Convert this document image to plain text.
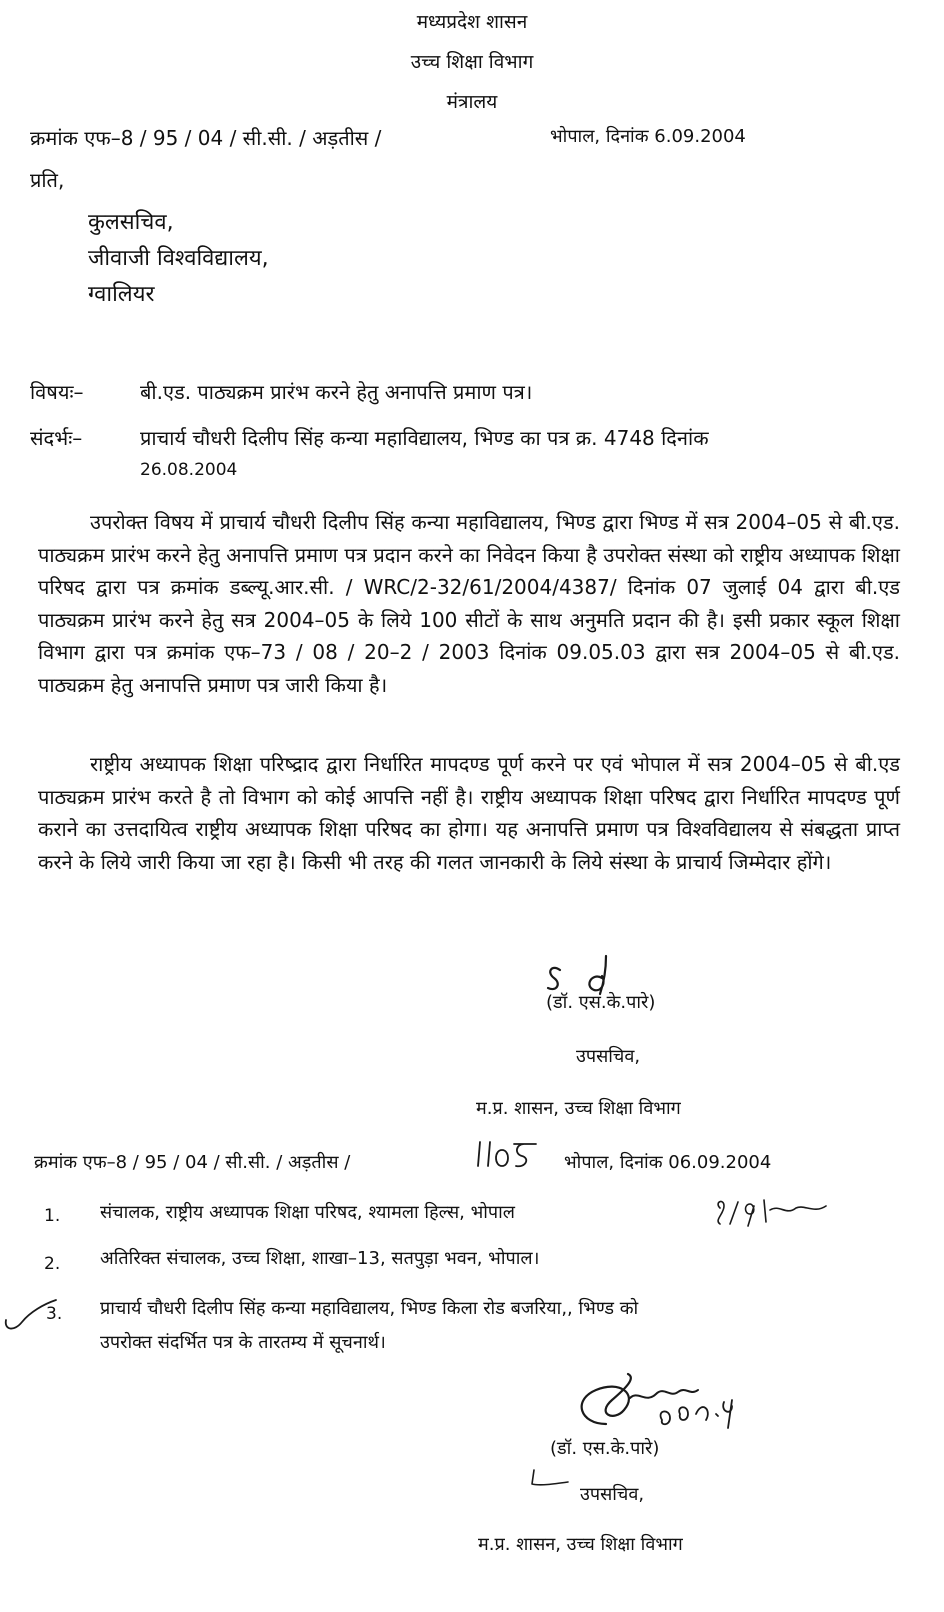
मध्यप्रदेश शासन
उच्च शिक्षा विभाग
मंत्रालय
क्रमांक एफ–8 / 95 / 04 / सी.सी. / अड़तीस /	भोपाल, दिनांक 6.09.2004
प्रति,
कुलसचिव,
जीवाजी विश्वविद्यालय,
ग्वालियर
विषयः–	बी.एड. पाठ्यक्रम प्रारंभ करने हेतु अनापत्ति प्रमाण पत्र।
संदर्भः–	प्राचार्य चौधरी दिलीप सिंह कन्या महाविद्यालय, भिण्ड का पत्र क्र. 4748 दिनांक
26.08.2004
उपरोक्त विषय में प्राचार्य चौधरी दिलीप सिंह कन्या महाविद्यालय, भिण्ड द्वारा भिण्ड में सत्र 2004–05 से बी.एड. पाठ्यक्रम प्रारंभ करने हेतु अनापत्ति प्रमाण पत्र प्रदान करने का निवेदन किया है उपरोक्त संस्था को राष्ट्रीय अध्यापक शिक्षा परिषद द्वारा पत्र क्रमांक डब्ल्यू.आर.सी. / WRC/2-32/61/2004/4387/ दिनांक 07 जुलाई 04 द्वारा बी.एड पाठ्यक्रम प्रारंभ करने हेतु सत्र 2004–05 के लिये 100 सीटों के साथ अनुमति प्रदान की है। इसी प्रकार स्कूल शिक्षा विभाग द्वारा पत्र क्रमांक एफ–73 / 08 / 20–2 / 2003 दिनांक 09.05.03 द्वारा सत्र 2004–05 से बी.एड. पाठ्यक्रम हेतु अनापत्ति प्रमाण पत्र जारी किया है।
राष्ट्रीय अध्यापक शिक्षा परिष्द्राद द्वारा निर्धारित मापदण्ड पूर्ण करने पर एवं भोपाल में सत्र 2004–05 से बी.एड पाठ्यक्रम प्रारंभ करते है तो विभाग को कोई आपत्ति नहीं है। राष्ट्रीय अध्यापक शिक्षा परिषद द्वारा निर्धारित मापदण्ड पूर्ण कराने का उत्तदायित्व राष्ट्रीय अध्यापक शिक्षा परिषद का होगा। यह अनापत्ति प्रमाण पत्र विश्वविद्यालय से संबद्धता प्राप्त करने के लिये जारी किया जा रहा है। किसी भी तरह की गलत जानकारी के लिये संस्था के प्राचार्य जिम्मेदार होंगे।
(डॉ. एस.के.पारे)
उपसचिव,
म.प्र. शासन, उच्च शिक्षा विभाग
क्रमांक एफ–8 / 95 / 04 / सी.सी. / अड़तीस /	भोपाल, दिनांक 06.09.2004
1. संचालक, राष्ट्रीय अध्यापक शिक्षा परिषद, श्यामला हिल्स, भोपाल
2. अतिरिक्त संचालक, उच्च शिक्षा, शाखा–13, सतपुड़ा भवन, भोपाल।
3. प्राचार्य चौधरी दिलीप सिंह कन्या महाविद्यालय, भिण्ड किला रोड बजरिया,, भिण्ड को
उपरोक्त संदर्भित पत्र के तारतम्य में सूचनार्थ।
(डॉ. एस.के.पारे)
उपसचिव,
म.प्र. शासन, उच्च शिक्षा विभाग
